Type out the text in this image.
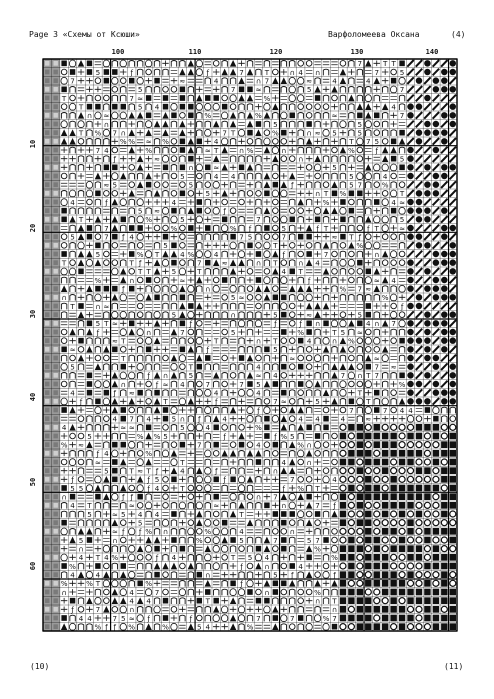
Page 3 «Схемы от Ксюши»	Варфоломеева Оксана	(4)
100	110	120	130	140
10
20
30
40
50
60
7	T T
5	ƒ	ƒ	7	T	∩ 4 ∩	7	5
7	≈	4	∩ 7	≈	4	4
5	7	≈	5	7
T	7 ≈	%
T	5 4	4
∩ ≈	%	%	≈	7
∩	5	5
T % 7 ∩	7 T	%	∩ ≈ 5	5
% % ≈ %	4	T 7 5
7 4	%	≈ T	∩ %	∩	%	ƒ
ƒ	≈	∩	5
∩	≈	5
5	4 4	5	4
≈ 5	5	ƒ	5 7	%
5	∩ T %	T
4	ƒ	4	%	4 ≈
5 ≈	ƒ
T	%	5	7	5
7	%	% ƒ	5	ƒ T	ƒ T	≈
5	7 ƒ 4	7 5	7	≈ T ƒ
5	T	%
5	% T	4 %	4	ƒ	7	∩
T	T ƒ	7	≈	∩ T	∩ 4
T T	5	T	4 T
%	∩	≈	ƒ	≈ 4
ƒ	∩	% 7 ≈
∩	5 ≈	%
T	∩ ≈	ƒ
5	∩	5	≈	5
5 T ≈	ƒ	ƒ	ƒ ∩	4 ∩ 7
ƒ	∩	7	5	%	T 5 ≈
≈ T	T	∩ T	4	∩ %
≈	ƒ	5
T	≈	≈
5	T	4	7 ≈
ƒ ∩	5	≈ 4	7 ∩ T 7
∩	ƒ ≈ 4	7	7 5	%
4	ƒ ≈	4	4	T
ƒ	T	ƒ	7 ≈	5	T
ƒ	7	7 4 4
4 7 4	5 ∩ ƒ	4	4 4	4	≈
4	≈ ≈	5	4	%
5	% % 5	ƒ	ƒ % 5
% ≈	7	4	% ∩
ƒ 4	%
≈	T	4	∩
5	T ≈ T ƒ	4	ƒ	∩
ƒ	ƒ 5	ƒ	7	4
5 5	ƒ 4	T	ƒ % T
∩	ƒ ƒ	∩ 7
4 T	≈	≈	∩	7 ƒ
5	≈ 5 4 4	T
5
≈ ƒ ƒ % ∩	%	4	∩
5	∩	%	5	7	5 7
∩	%
4 T 4 %	ƒ 4	T 5 4	%
%	ƒ	∩	4
4	4	∩	5 ƒ	ƒ
%	% T	%	ƒ
∩	4	7	∩	%
4 4	T	∩ T
ƒ	7	∩	∩
4 4	7 5 ≈ ƒ	ƒ	7	7	% 7
% ƒ ƒ %	%	5 4	%
(10)	(11)
